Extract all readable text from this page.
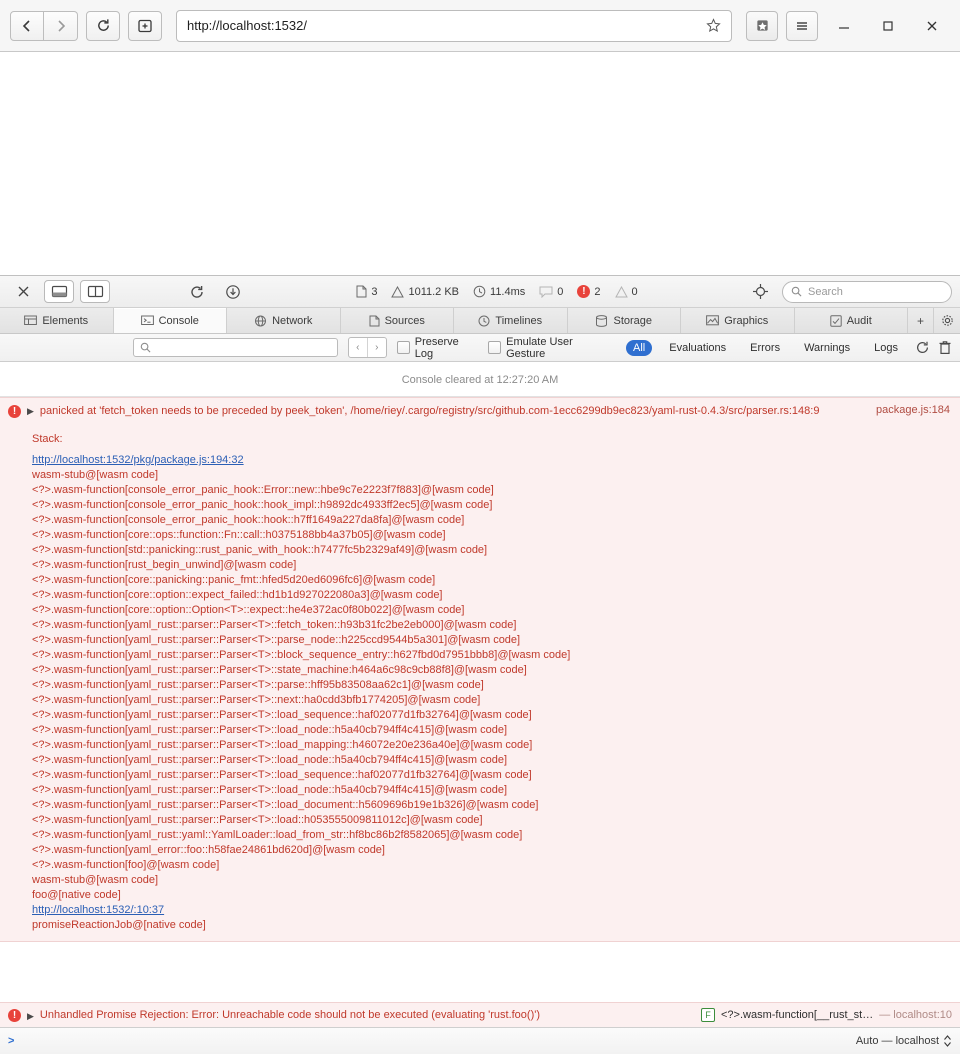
http://localhost:1532/
3	1011.2 KB	11.4ms	0	! 2	0	Search
Elements	Console	Network	Sources	Timelines	Storage	Graphics	Audit	+
‹	›	Preserve Log
Emulate User Gesture	All	Evaluations	Errors	Warnings	Logs
Console cleared at 12:27:20 AM
!	▶ panicked at 'fetch_token needs to be preceded by peek_token', /home/riey/.cargo/registry/src/github.com-1ecc6299db9ec823/yaml-rust-0.4.3/src/parser.rs:148:9	package.js:184
Stack:
http://localhost:1532/pkg/package.js:194:32
wasm-stub@[wasm code]
<?>.wasm-function[console_error_panic_hook::Error::new::hbe9c7e2223f7f883]@[wasm code]
<?>.wasm-function[console_error_panic_hook::hook_impl::h9892dc4933ff2ec5]@[wasm code]
<?>.wasm-function[console_error_panic_hook::hook::h7ff1649a227da8fa]@[wasm code]
<?>.wasm-function[core::ops::function::Fn::call::h0375188bb4a37b05]@[wasm code]
<?>.wasm-function[std::panicking::rust_panic_with_hook::h7477fc5b2329af49]@[wasm code]
<?>.wasm-function[rust_begin_unwind]@[wasm code]
<?>.wasm-function[core::panicking::panic_fmt::hfed5d20ed6096fc6]@[wasm code]
<?>.wasm-function[core::option::expect_failed::hd1b1d927022080a3]@[wasm code]
<?>.wasm-function[core::option::Option<T>::expect::he4e372ac0f80b022]@[wasm code]
<?>.wasm-function[yaml_rust::parser::Parser<T>::fetch_token::h93b31fc2be2eb000]@[wasm code]
<?>.wasm-function[yaml_rust::parser::Parser<T>::parse_node::h225ccd9544b5a301]@[wasm code]
<?>.wasm-function[yaml_rust::parser::Parser<T>::block_sequence_entry::h627fbd0d7951bbb8]@[wasm code]
<?>.wasm-function[yaml_rust::parser::Parser<T>::state_machine:h464a6c98c9cb88f8]@[wasm code]
<?>.wasm-function[yaml_rust::parser::Parser<T>::parse::hff95b83508aa62c1]@[wasm code]
<?>.wasm-function[yaml_rust::parser::Parser<T>::next::ha0cdd3bfb1774205]@[wasm code]
<?>.wasm-function[yaml_rust::parser::Parser<T>::load_sequence::haf02077d1fb32764]@[wasm code]
<?>.wasm-function[yaml_rust::parser::Parser<T>::load_node::h5a40cb794ff4c415]@[wasm code]
<?>.wasm-function[yaml_rust::parser::Parser<T>::load_mapping::h46072e20e236a40e]@[wasm code]
<?>.wasm-function[yaml_rust::parser::Parser<T>::load_node::h5a40cb794ff4c415]@[wasm code]
<?>.wasm-function[yaml_rust::parser::Parser<T>::load_sequence::haf02077d1fb32764]@[wasm code]
<?>.wasm-function[yaml_rust::parser::Parser<T>::load_node::h5a40cb794ff4c415]@[wasm code]
<?>.wasm-function[yaml_rust::parser::Parser<T>::load_document::h5609696b19e1b326]@[wasm code]
<?>.wasm-function[yaml_rust::parser::Parser<T>::load::h053555009811012c]@[wasm code]
<?>.wasm-function[yaml_rust::yaml::YamlLoader::load_from_str::hf8bc86b2f8582065]@[wasm code]
<?>.wasm-function[yaml_error::foo::h58fae24861bd620d]@[wasm code]
<?>.wasm-function[foo]@[wasm code]
wasm-stub@[wasm code]
foo@[native code]
http://localhost:1532/:10:37
promiseReactionJob@[native code]
!	▶ Unhandled Promise Rejection: Error: Unreachable code should not be executed (evaluating 'rust.foo()')	F <?>.wasm-function[__rust_st… — localhost:10
>	Auto — localhost
